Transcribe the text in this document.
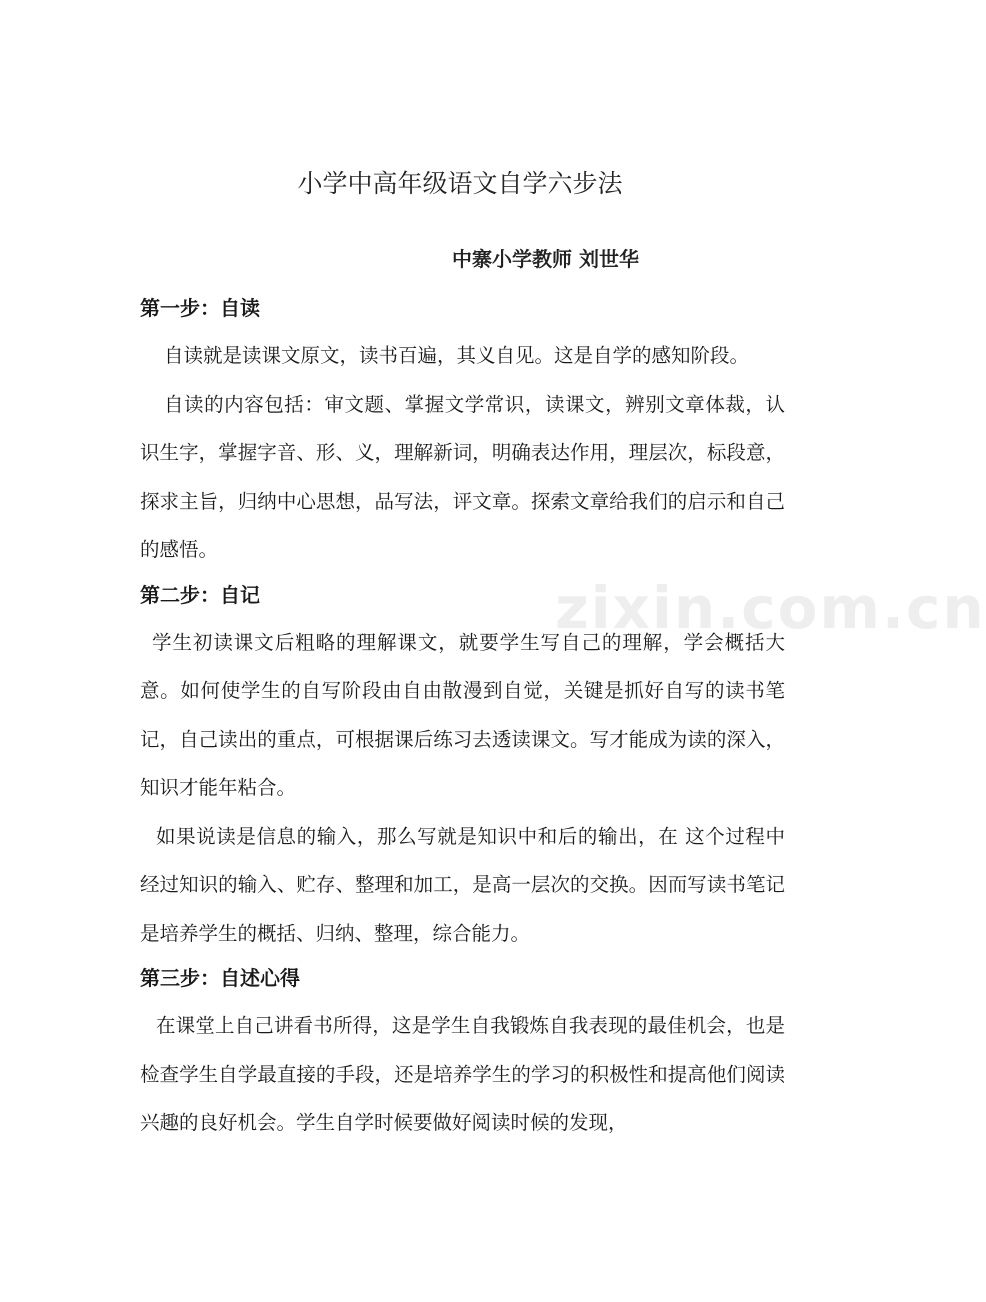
zixin.com.cn
小学中高年级语文自学六步法
中寨小学教师 刘世华

第一步：自读

自读就是读课文原文，读书百遍，其义自见。这是自学的感知阶段。

自读的内容包括：审文题、掌握文学常识，读课文，辨别文章体裁，认识生字，掌握字音、形、义，理解新词，明确表达作用，理层次，标段意，探求主旨，归纳中心思想，品写法，评文章。探索文章给我们的启示和自己的感悟。

第二步：自记

学生初读课文后粗略的理解课文，就要学生写自己的理解，学会概括大意。如何使学生的自写阶段由自由散漫到自觉，关键是抓好自写的读书笔记，自己读出的重点，可根据课后练习去透读课文。写才能成为读的深入，知识才能年粘合。

如果说读是信息的输入，那么写就是知识中和后的输出，在 这个过程中经过知识的输入、贮存、整理和加工，是高一层次的交换。因而写读书笔记是培养学生的概括、归纳、整理，综合能力。

第三步：自述心得

在课堂上自己讲看书所得，这是学生自我锻炼自我表现的最佳机会，也是检查学生自学最直接的手段，还是培养学生的学习的积极性和提高他们阅读兴趣的良好机会。学生自学时候要做好阅读时候的发现，
